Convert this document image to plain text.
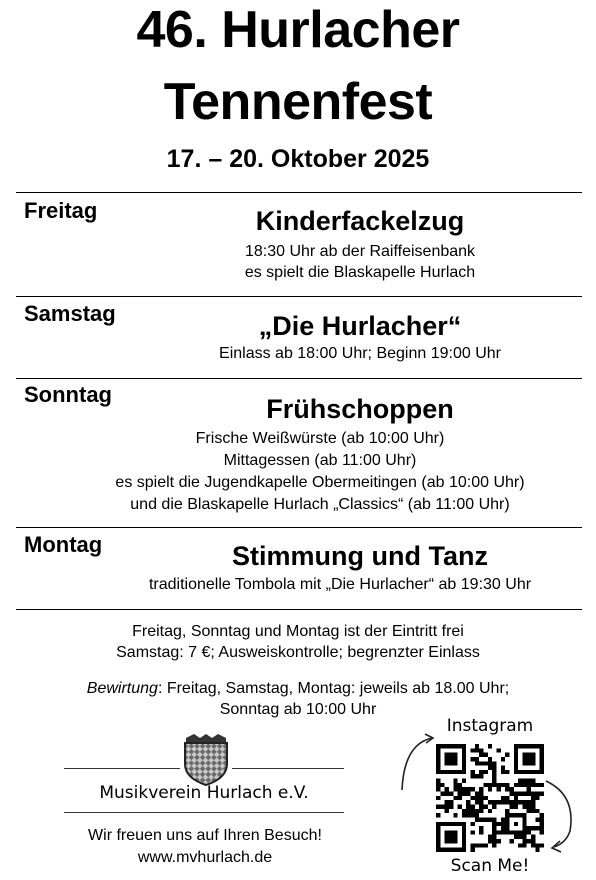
46. Hurlacher
Tennenfest
17. – 20. Oktober 2025
Freitag	Kinderfackelzug
18:30 Uhr ab der Raiffeisenbank
es spielt die Blaskapelle Hurlach
Samstag	„Die Hurlacher“
Einlass ab 18:00 Uhr; Beginn 19:00 Uhr
Sonntag	Frühschoppen
Frische Weißwürste (ab 10:00 Uhr)
Mittagessen (ab 11:00 Uhr)
es spielt die Jugendkapelle Obermeitingen (ab 10:00 Uhr)
und die Blaskapelle Hurlach „Classics“ (ab 11:00 Uhr)
Montag	Stimmung und Tanz
traditionelle Tombola mit „Die Hurlacher“ ab 19:30 Uhr
Freitag, Sonntag und Montag ist der Eintritt frei
Samstag: 7 €; Ausweiskontrolle; begrenzter Einlass
Bewirtung: Freitag, Samstag, Montag: jeweils ab 18.00 Uhr;
Sonntag ab 10:00 Uhr
Musikverein Hurlach e.V.
Wir freuen uns auf Ihren Besuch!
www.mvhurlach.de
Instagram
Scan Me!
